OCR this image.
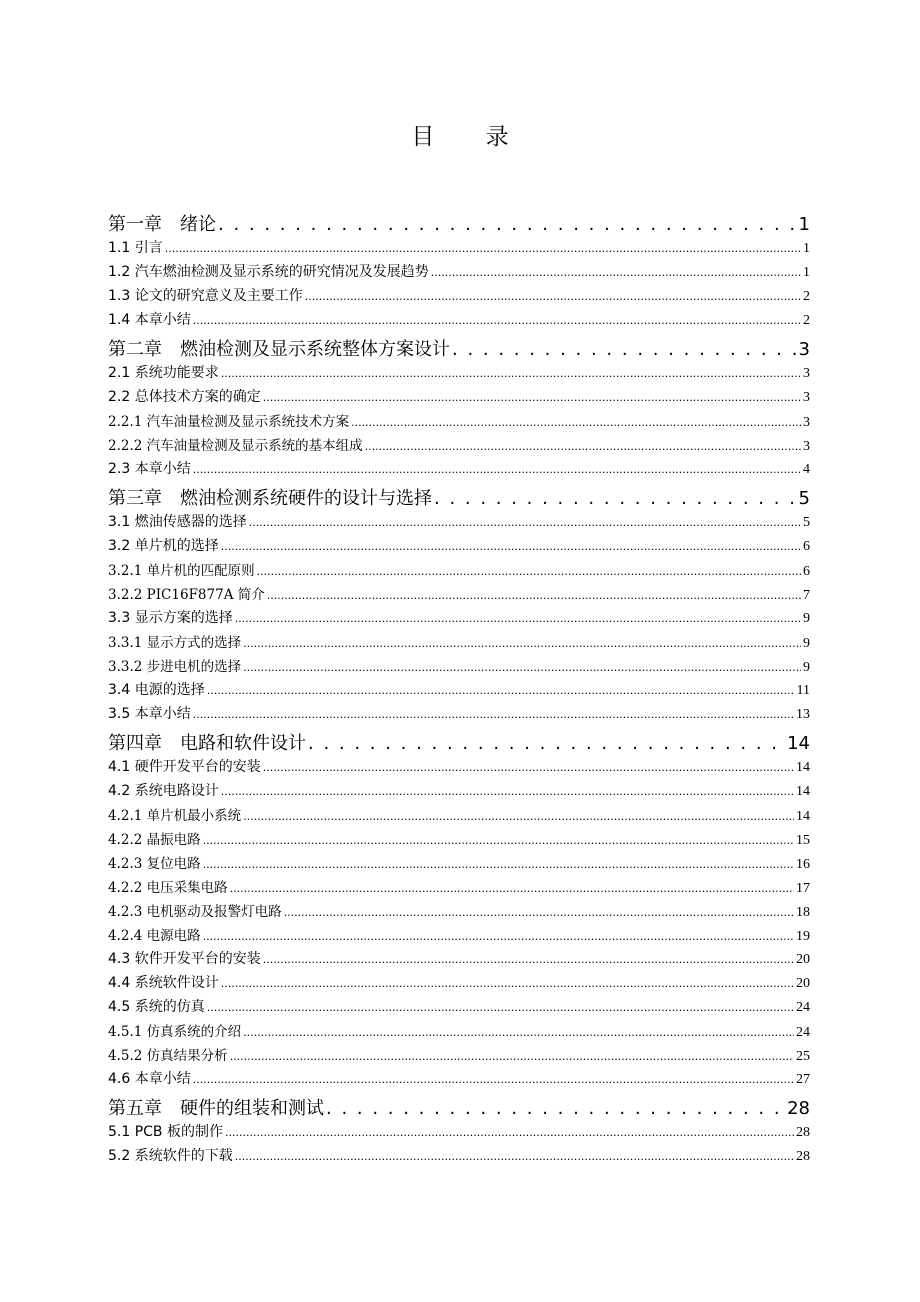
目 录
第一章　绪论 . . .	1
1.1 引言 .....	1
1.2 汽车燃油检测及显示系统的研究情况及发展趋势 .....	1
1.3 论文的研究意义及主要工作 .....	2
1.4 本章小结 .....	2
第二章　燃油检测及显示系统整体方案设计 . . .	3
2.1 系统功能要求 .....	3
2.2 总体技术方案的确定 .....	3
2.2.1 汽车油量检测及显示系统技术方案 .....	3
2.2.2 汽车油量检测及显示系统的基本组成 .....	3
2.3 本章小结 .....	4
第三章　燃油检测系统硬件的设计与选择 . . .	5
3.1 燃油传感器的选择 .....	5
3.2 单片机的选择 .....	6
3.2.1 单片机的匹配原则 .....	6
3.2.2 PIC16F877A 简介 .....	7
3.3 显示方案的选择 .....	9
3.3.1 显示方式的选择 .....	9
3.3.2 步进电机的选择 .....	9
3.4 电源的选择 .....	11
3.5 本章小结 .....	13
第四章　电路和软件设计 . . .	14
4.1 硬件开发平台的安装 .....	14
4.2 系统电路设计 .....	14
4.2.1 单片机最小系统 .....	14
4.2.2 晶振电路 .....	15
4.2.3 复位电路 .....	16
4.2.2 电压采集电路 .....	17
4.2.3 电机驱动及报警灯电路 .....	18
4.2.4 电源电路 .....	19
4.3 软件开发平台的安装 .....	20
4.4 系统软件设计 .....	20
4.5 系统的仿真 .....	24
4.5.1 仿真系统的介绍 .....	24
4.5.2 仿真结果分析 .....	25
4.6 本章小结 .....	27
第五章　硬件的组装和测试 . . .	28
5.1 PCB 板的制作 .....	28
5.2 系统软件的下载 .....	28
